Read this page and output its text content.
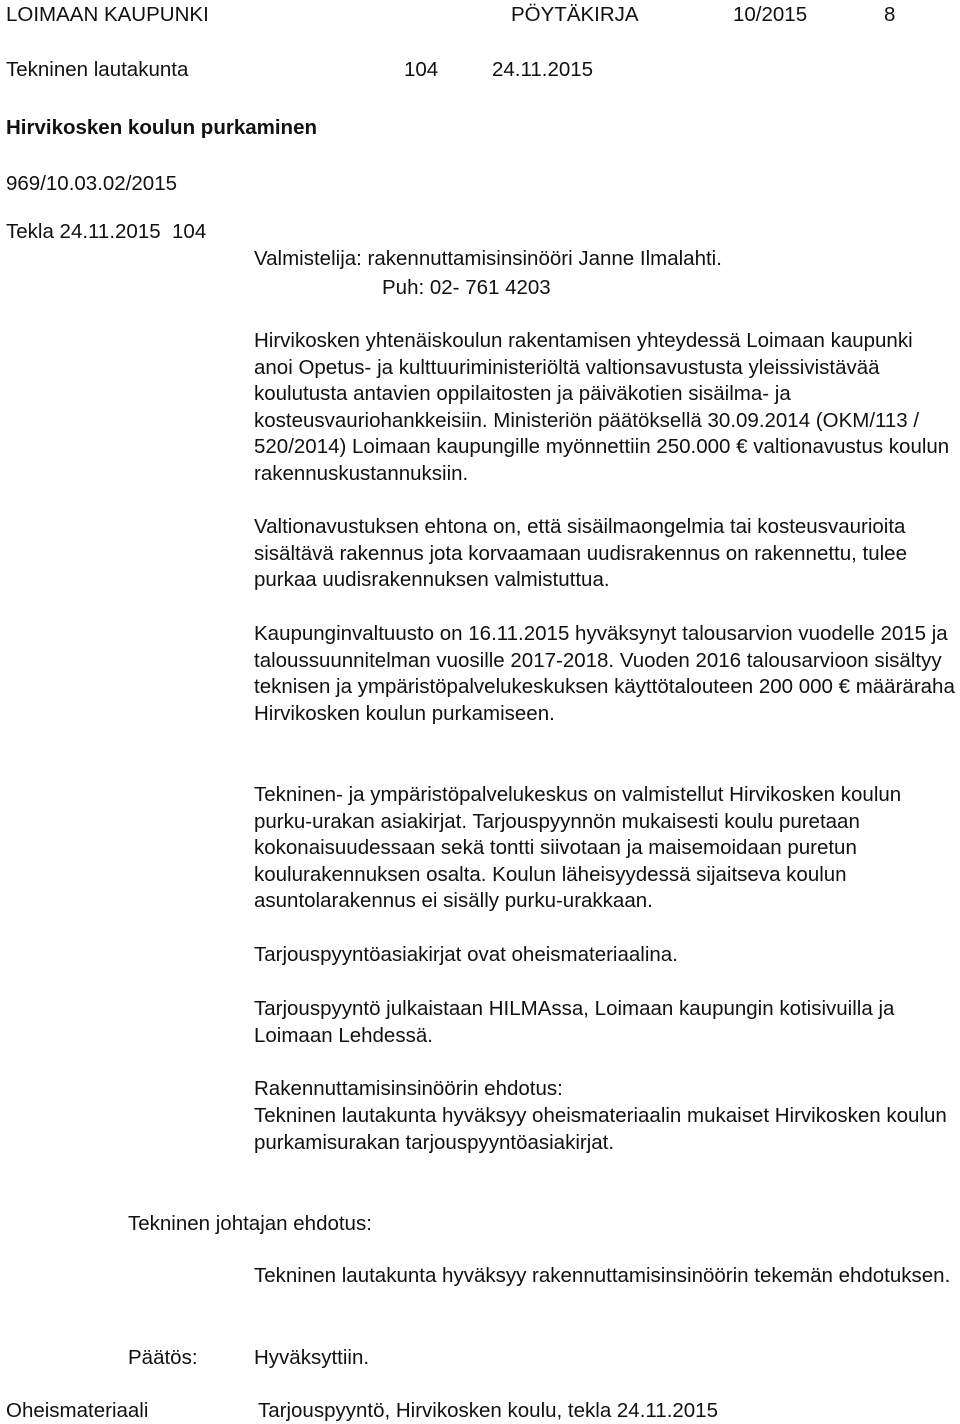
LOIMAAN KAUPUNKI	PÖYTÄKIRJA	10/2015	8
Tekninen lautakunta	104	24.11.2015
Hirvikosken koulun purkaminen
969/10.03.02/2015
Tekla 24.11.2015  104
Valmistelija: rakennuttamisinsinööri Janne Ilmalahti.
Puh: 02- 761 4203

Hirvikosken yhtenäiskoulun rakentamisen yhteydessä Loimaan kaupunki anoi Opetus- ja kulttuuriministeriöltä valtionsavustusta yleissivistävää koulutusta antavien oppilaitosten ja päiväkotien sisäilma- ja kosteusvauriohankkeisiin. Ministeriön päätöksellä 30.09.2014 (OKM/113 / 520/2014) Loimaan kaupungille myönnettiin 250.000 € valtionavustus koulun rakennuskustannuksiin.

Valtionavustuksen ehtona on, että sisäilmaongelmia tai kosteusvaurioita sisältävä rakennus jota korvaamaan uudisrakennus on rakennettu, tulee purkaa uudisrakennuksen valmistuttua.

Kaupunginvaltuusto on 16.11.2015 hyväksynyt talousarvion vuodelle 2015 ja taloussuunnitelman vuosille 2017-2018. Vuoden 2016 talousarvioon sisältyy teknisen ja ympäristöpalvelukeskuksen käyttötalouteen 200 000 € määräraha Hirvikosken koulun purkamiseen.

Tekninen- ja ympäristöpalvelukeskus on valmistellut Hirvikosken koulun purku-urakan asiakirjat. Tarjouspyynnön mukaisesti koulu puretaan kokonaisuudessaan sekä tontti siivotaan ja maisemoidaan puretun koulurakennuksen osalta. Koulun läheisyydessä sijaitseva koulun asuntolarakennus ei sisälly purku-urakkaan.

Tarjouspyyntöasiakirjat ovat oheismateriaalina.

Tarjouspyyntö julkaistaan HILMAssa, Loimaan kaupungin kotisivuilla ja Loimaan Lehdessä.

Rakennuttamisinsinöörin ehdotus:

Tekninen lautakunta hyväksyy oheismateriaalin mukaiset Hirvikosken koulun purkamisurakan tarjouspyyntöasiakirjat.

Tekninen johtajan ehdotus:

Tekninen lautakunta hyväksyy rakennuttamisinsinöörin tekemän ehdotuksen.

Päätös:	Hyväksyttiin.
Oheismateriaali	Tarjouspyyntö, Hirvikosken koulu, tekla 24.11.2015
